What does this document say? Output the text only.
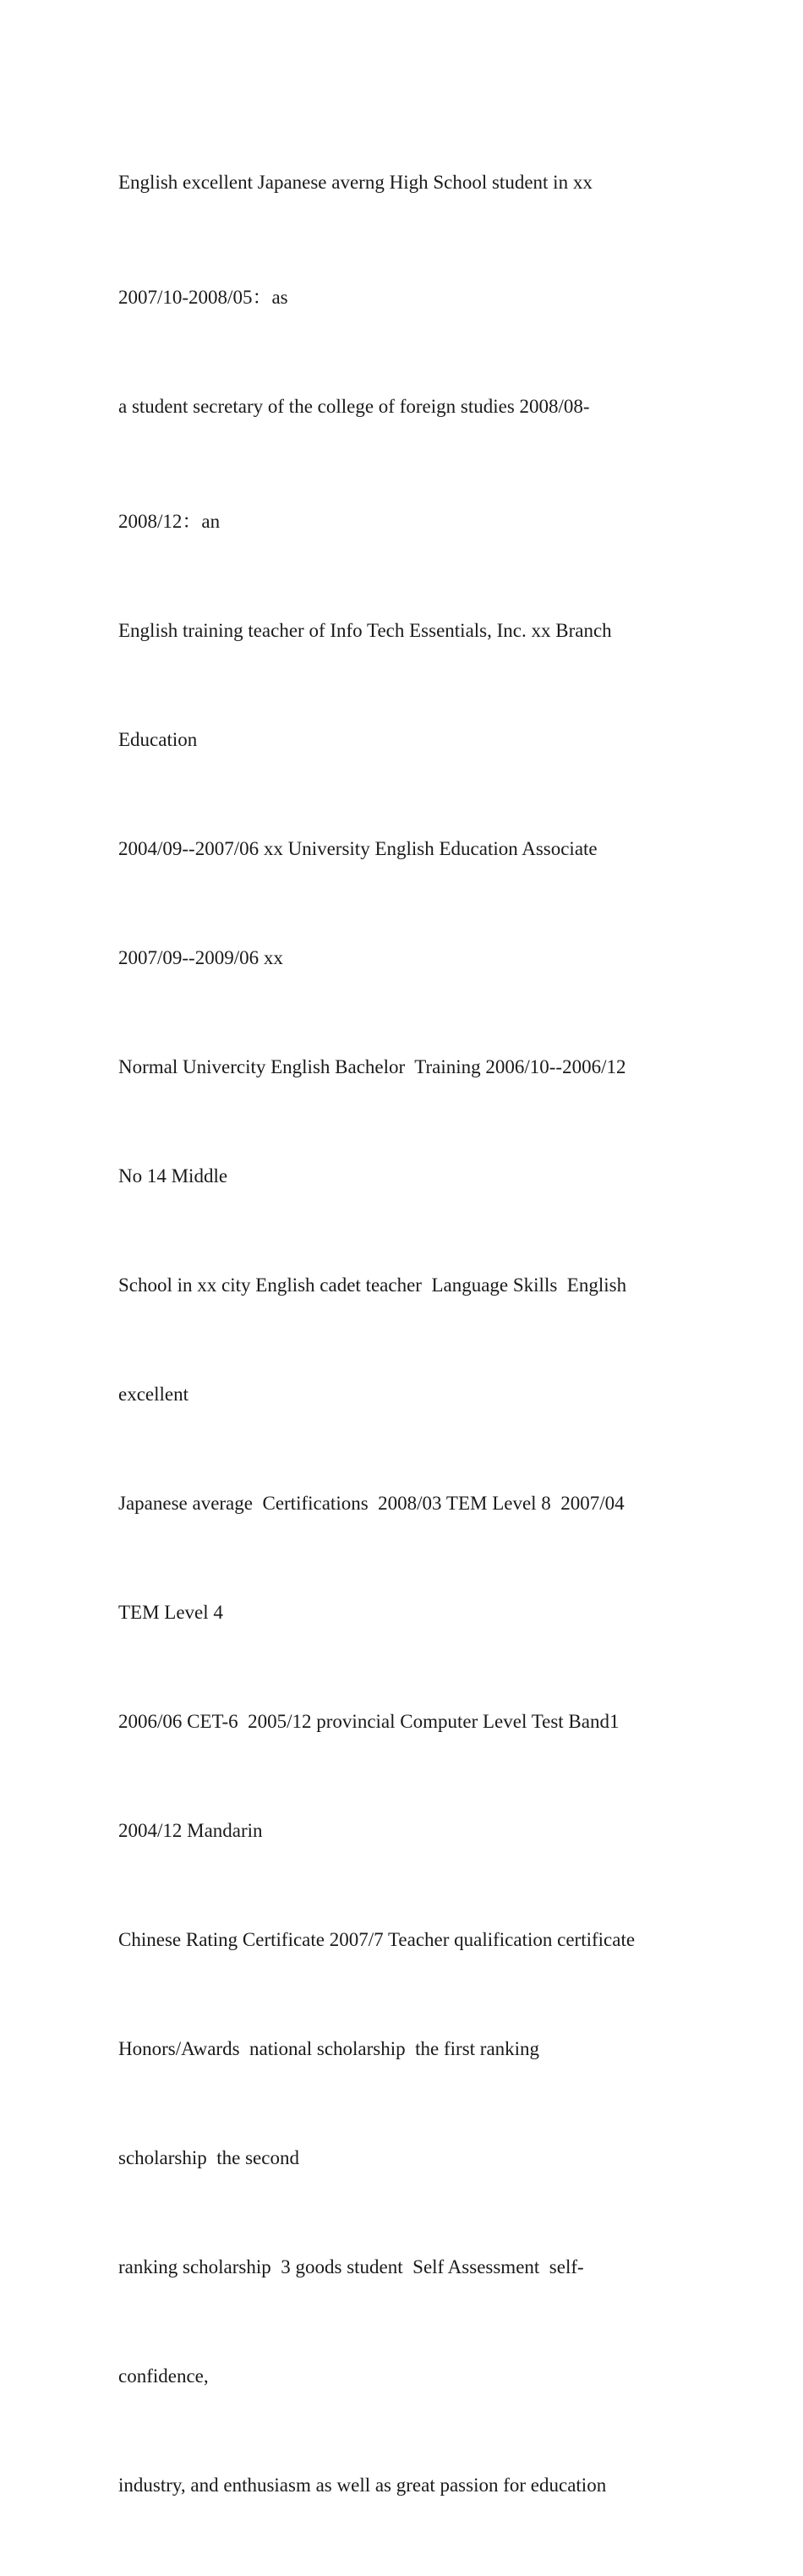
English excellent Japanese averng High School student in xx

2007/10-2008/05：as

a student secretary of the college of foreign studies 2008/08-

2008/12：an

English training teacher of Info Tech Essentials, Inc. xx Branch

Education

2004/09--2007/06 xx University English Education Associate

2007/09--2009/06 xx

Normal Univercity English Bachelor  Training 2006/10--2006/12

No 14 Middle

School in xx city English cadet teacher  Language Skills  English

excellent

Japanese average  Certifications  2008/03 TEM Level 8  2007/04

TEM Level 4

2006/06 CET-6  2005/12 provincial Computer Level Test Band1

2004/12 Mandarin

Chinese Rating Certificate 2007/7 Teacher qualification certificate

Honors/Awards  national scholarship  the first ranking

scholarship  the second

ranking scholarship  3 goods student  Self Assessment  self-

confidence,

industry, and enthusiasm as well as great passion for education
